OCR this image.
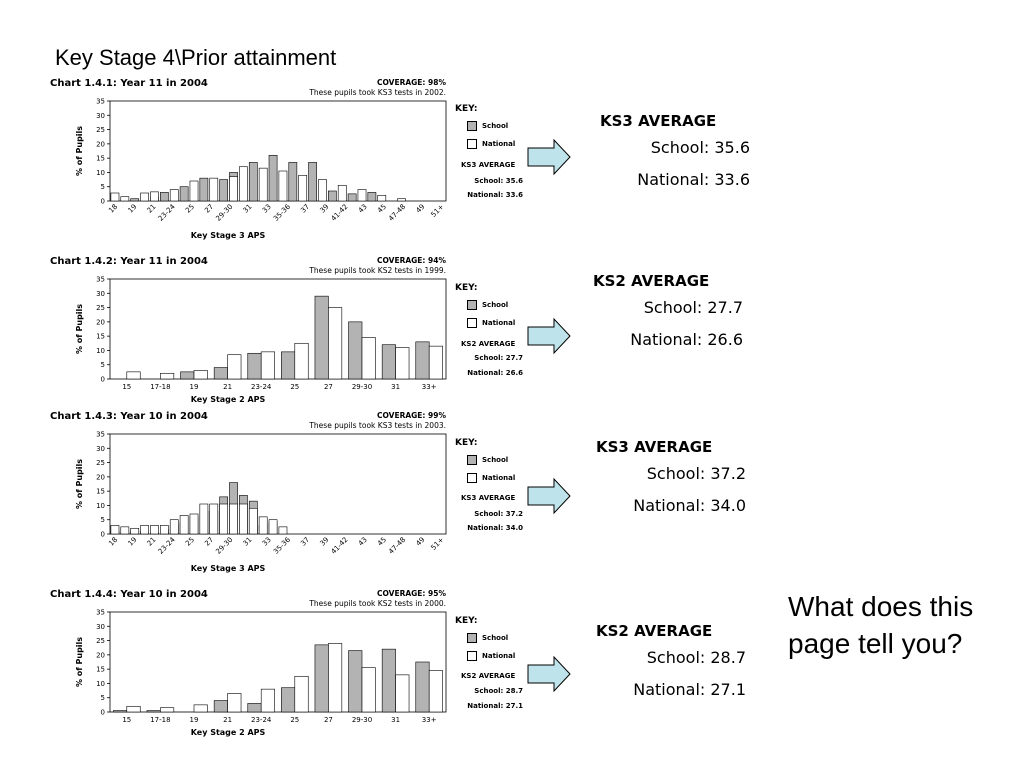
Key Stage 4\Prior attainment
Chart 1.4.1: Year 11 in 2004	COVERAGE: 98%
These pupils took KS3 tests in 2002.
0
5
10
15
20
25
30
35
% of Pupils
18 19 21 23-24 25 27 29-30 31 33 35-36 37 39 41-42 43 45 47-48 49 51+
Key Stage 3 APS
KEY:
School
National
KS3 AVERAGE
School: 35.6
National: 33.6
KS3 AVERAGE
School: 35.6
National: 33.6
Chart 1.4.2: Year 11 in 2004	COVERAGE: 94%
These pupils took KS2 tests in 1999.
0
5
10
15
20
25
30
35
% of Pupils
15	17-18	19	21	23-24	25	27	29-30	31	33+
Key Stage 2 APS
KEY:
School
National
KS2 AVERAGE
School: 27.7
National: 26.6
KS2 AVERAGE
School: 27.7
National: 26.6
Chart 1.4.3: Year 10 in 2004	COVERAGE: 99%
These pupils took KS3 tests in 2003.
0
5
10
15
20
25
30
35
% of Pupils
18 19 21 23-24 25 27 29-30 31 33 35-36 37 39 41-42 43 45 47-48 49 51+
Key Stage 3 APS
KEY:
School
National
KS3 AVERAGE
School: 37.2
National: 34.0
KS3 AVERAGE
School: 37.2
National: 34.0
Chart 1.4.4: Year 10 in 2004	COVERAGE: 95%
These pupils took KS2 tests in 2000.
0
5
10
15
20
25
30
35
% of Pupils
15	17-18	19	21	23-24	25	27	29-30	31	33+
Key Stage 2 APS
KEY:
School
National
KS2 AVERAGE
School: 28.7
National: 27.1
KS2 AVERAGE
School: 28.7
National: 27.1
What does this page tell you?
